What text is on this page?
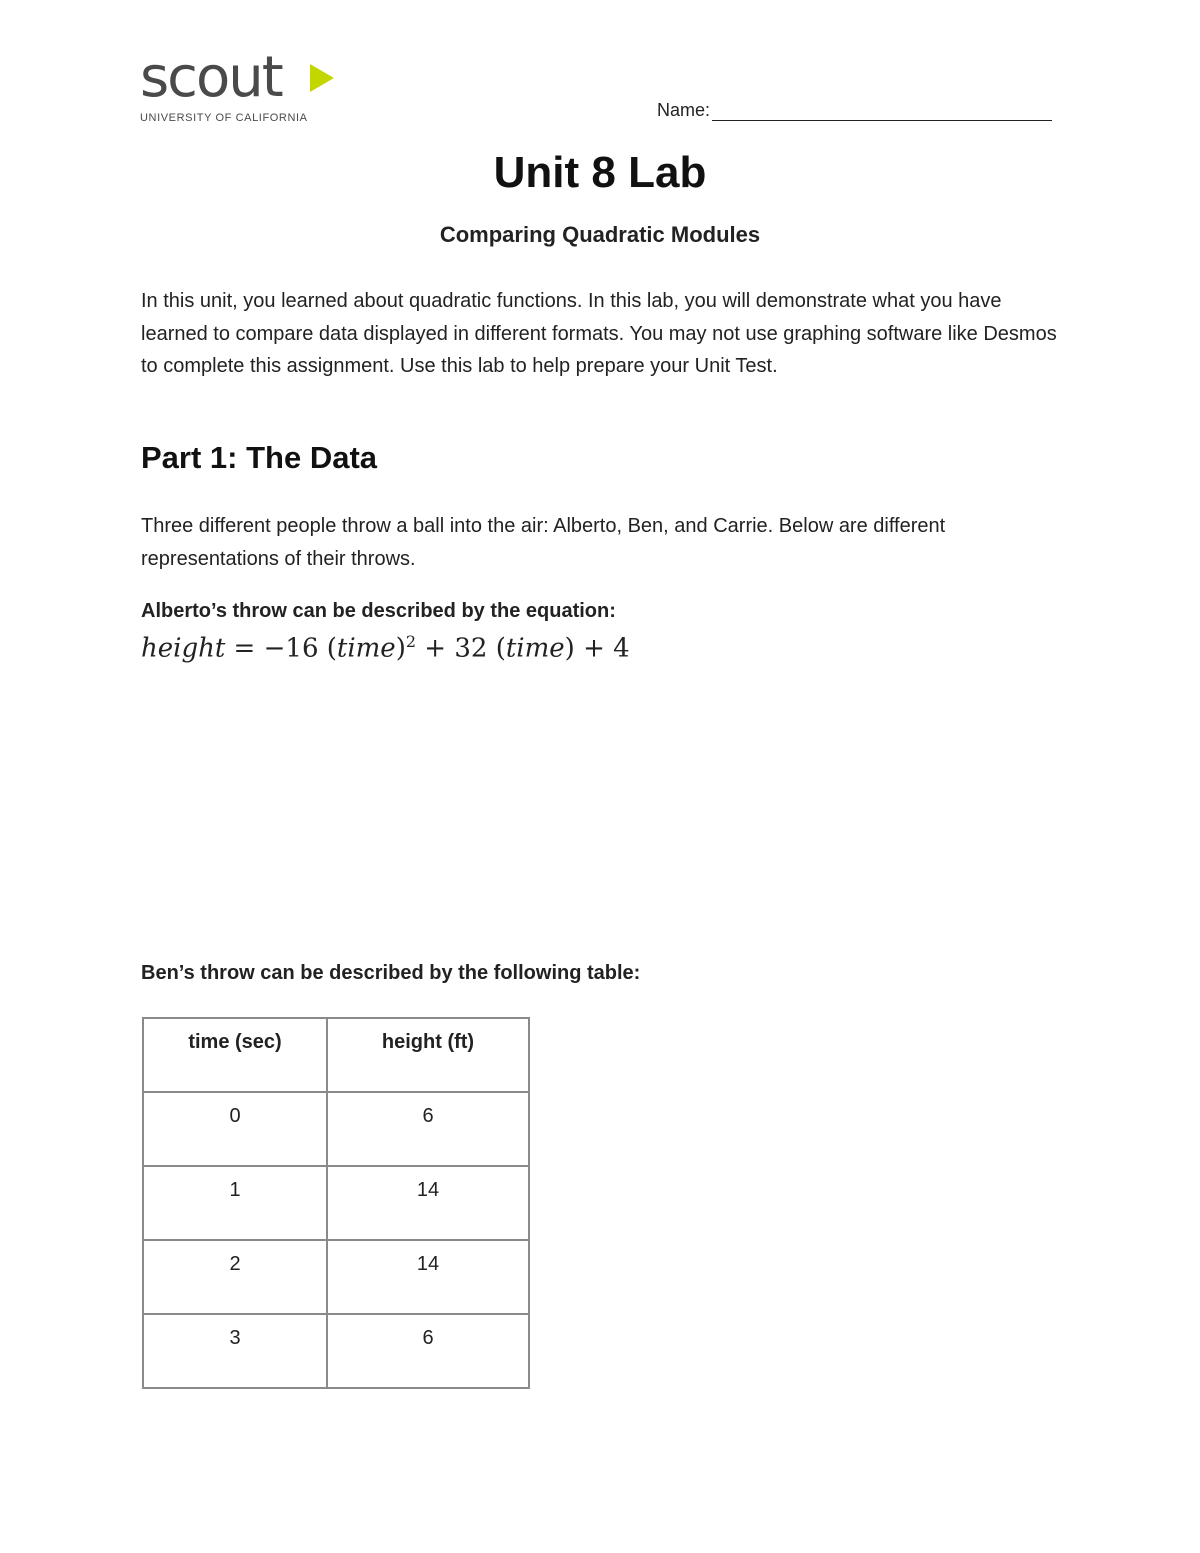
scout
UNIVERSITY OF CALIFORNIA	Name:
Unit 8 Lab
Comparing Quadratic Modules
In this unit, you learned about quadratic functions. In this lab, you will demonstrate what you have learned to compare data displayed in different formats. You may not use graphing software like Desmos to complete this assignment. Use this lab to help prepare your Unit Test.
Part 1: The Data
Three different people throw a ball into the air: Alberto, Ben, and Carrie. Below are different representations of their throws.
Alberto’s throw can be described by the equation:
height = −16 (time)$^2$ + 32 (time) + 4
Ben’s throw can be described by the following table:
time (sec)	height (ft)
0	6
1	14
2	14
3	6
